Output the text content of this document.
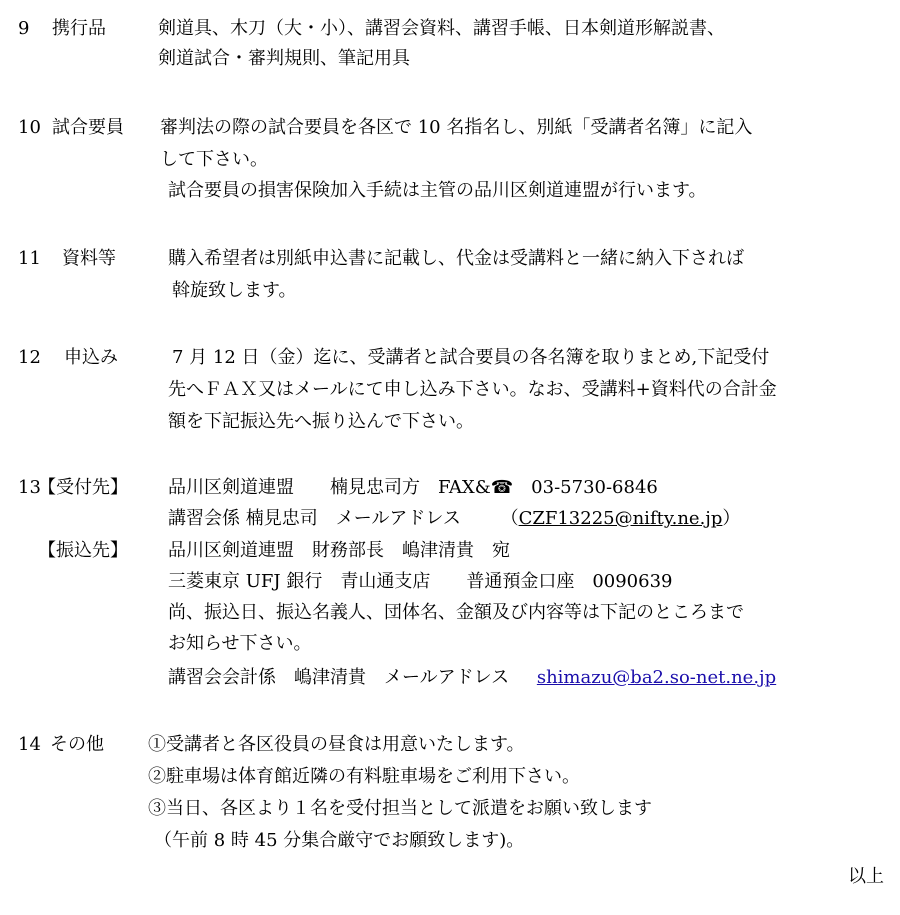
9 携行品	剣道具、木刀（大・小）、講習会資料、講習手帳、日本剣道形解説書、
剣道試合・審判規則、筆記用具
10 試合要員 審判法の際の試合要員を各区で 10 名指名し、別紙「受講者名簿」に記入
して下さい。
試合要員の損害保険加入手続は主管の品川区剣道連盟が行います。
11 資料等	購入希望者は別紙申込書に記載し、代金は受講料と一緒に納入下されば
斡旋致します。
12 申込み	7 月 12 日（金）迄に、受講者と試合要員の各名簿を取りまとめ,下記受付
先へＦＡＸ又はメールにて申し込み下さい。なお、受講料+資料代の合計金
額を下記振込先へ振り込んで下さい。
13
【受付先】 品川区剣道連盟　　楠見忠司方　FAX&☎　03-5730-6846
講習会係 楠見忠司　メールアドレス （CZF13225@nifty.ne.jp）
【振込先】 品川区剣道連盟　財務部長　嶋津清貴　宛
三菱東京 UFJ 銀行　青山通支店　　普通預金口座　0090639
尚、振込日、振込名義人、団体名、金額及び内容等は下記のところまで
お知らせ下さい。
講習会会計係　嶋津清貴　メールアドレス shimazu@ba2.so-net.ne.jp
14 その他 ①受講者と各区役員の昼食は用意いたします。
②駐車場は体育館近隣の有料駐車場をご利用下さい。
③当日、各区より１名を受付担当として派遣をお願い致します
（午前 8 時 45 分集合厳守でお願致します)。
以上
